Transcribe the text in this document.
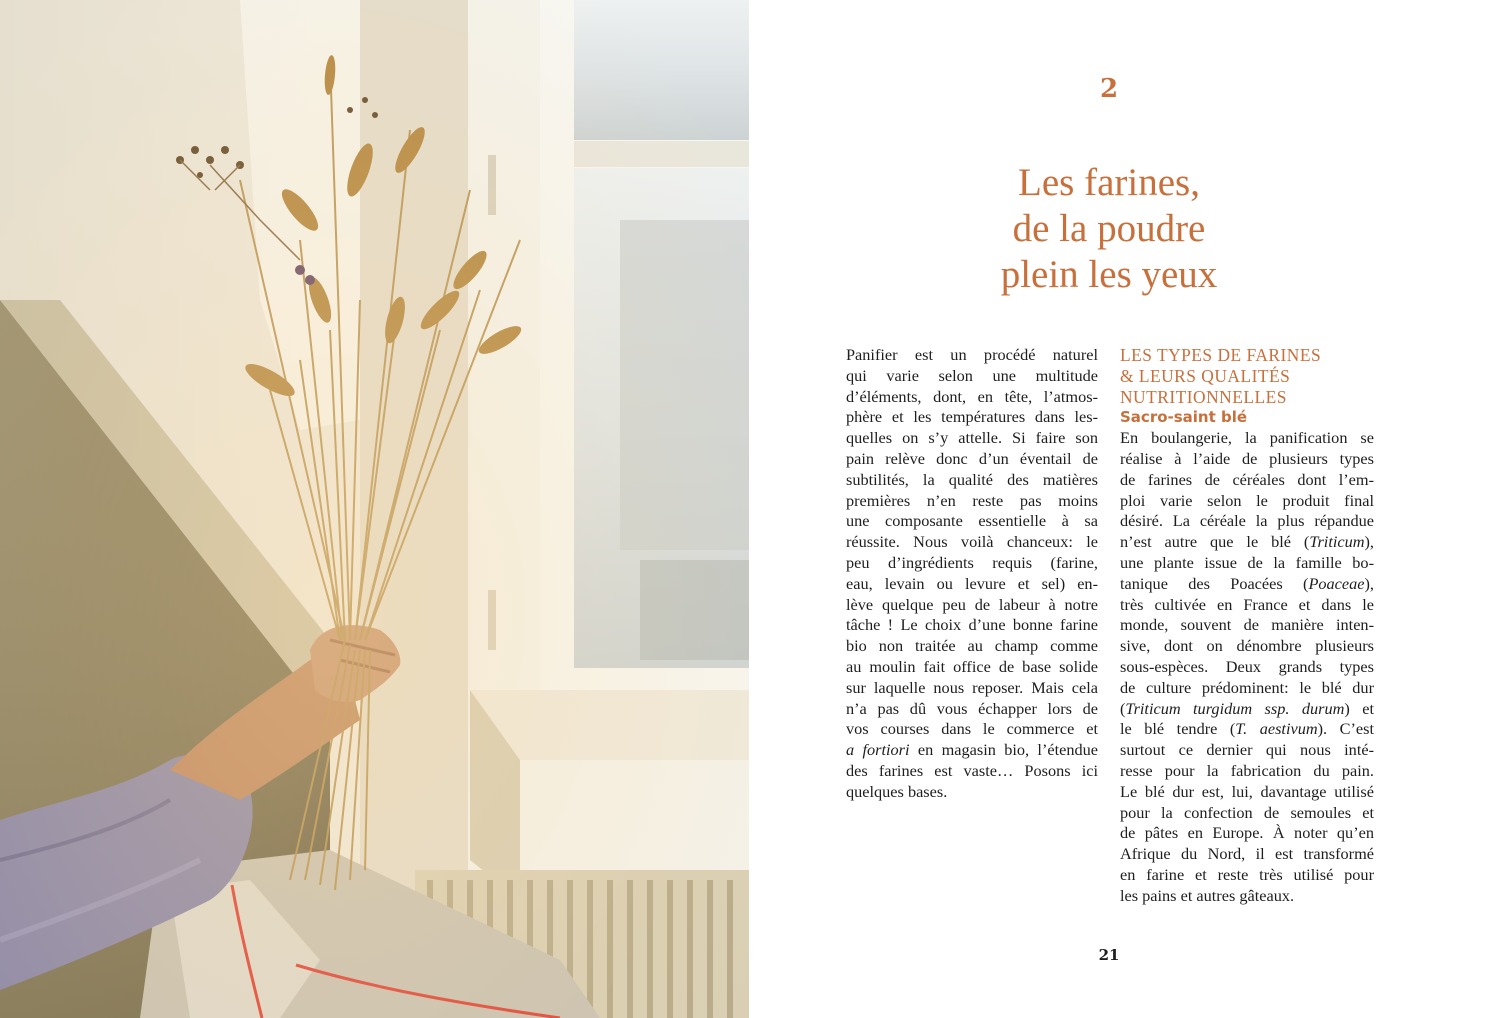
2
Les farines,
de la poudre
plein les yeux
Panifier est un procédé naturel
qui varie selon une multitude
d’éléments, dont, en tête, l’atmos-
phère et les températures dans les-
quelles on s’y attelle. Si faire son
pain relève donc d’un éventail de
subtilités, la qualité des matières
premières n’en reste pas moins
une composante essentielle à sa
réussite. Nous voilà chanceux: le
peu d’ingrédients requis (farine,
eau, levain ou levure et sel) en-
lève quelque peu de labeur à notre
tâche ! Le choix d’une bonne farine
bio non traitée au champ comme
au moulin fait office de base solide
sur laquelle nous reposer. Mais cela
n’a pas dû vous échapper lors de
vos courses dans le commerce et
a fortiori en magasin bio, l’étendue
des farines est vaste… Posons ici
quelques bases.
LES TYPES DE FARINES
& LEURS QUALITÉS
NUTRITIONNELLES
Sacro-saint blé
En boulangerie, la panification se
réalise à l’aide de plusieurs types
de farines de céréales dont l’em-
ploi varie selon le produit final
désiré. La céréale la plus répandue
n’est autre que le blé (Triticum),
une plante issue de la famille bo-
tanique des Poacées (Poaceae),
très cultivée en France et dans le
monde, souvent de manière inten-
sive, dont on dénombre plusieurs
sous-espèces. Deux grands types
de culture prédominent: le blé dur
(Triticum turgidum ssp. durum) et
le blé tendre (T. aestivum). C’est
surtout ce dernier qui nous inté-
resse pour la fabrication du pain.
Le blé dur est, lui, davantage utilisé
pour la confection de semoules et
de pâtes en Europe. À noter qu’en
Afrique du Nord, il est transformé
en farine et reste très utilisé pour
les pains et autres gâteaux.
21
